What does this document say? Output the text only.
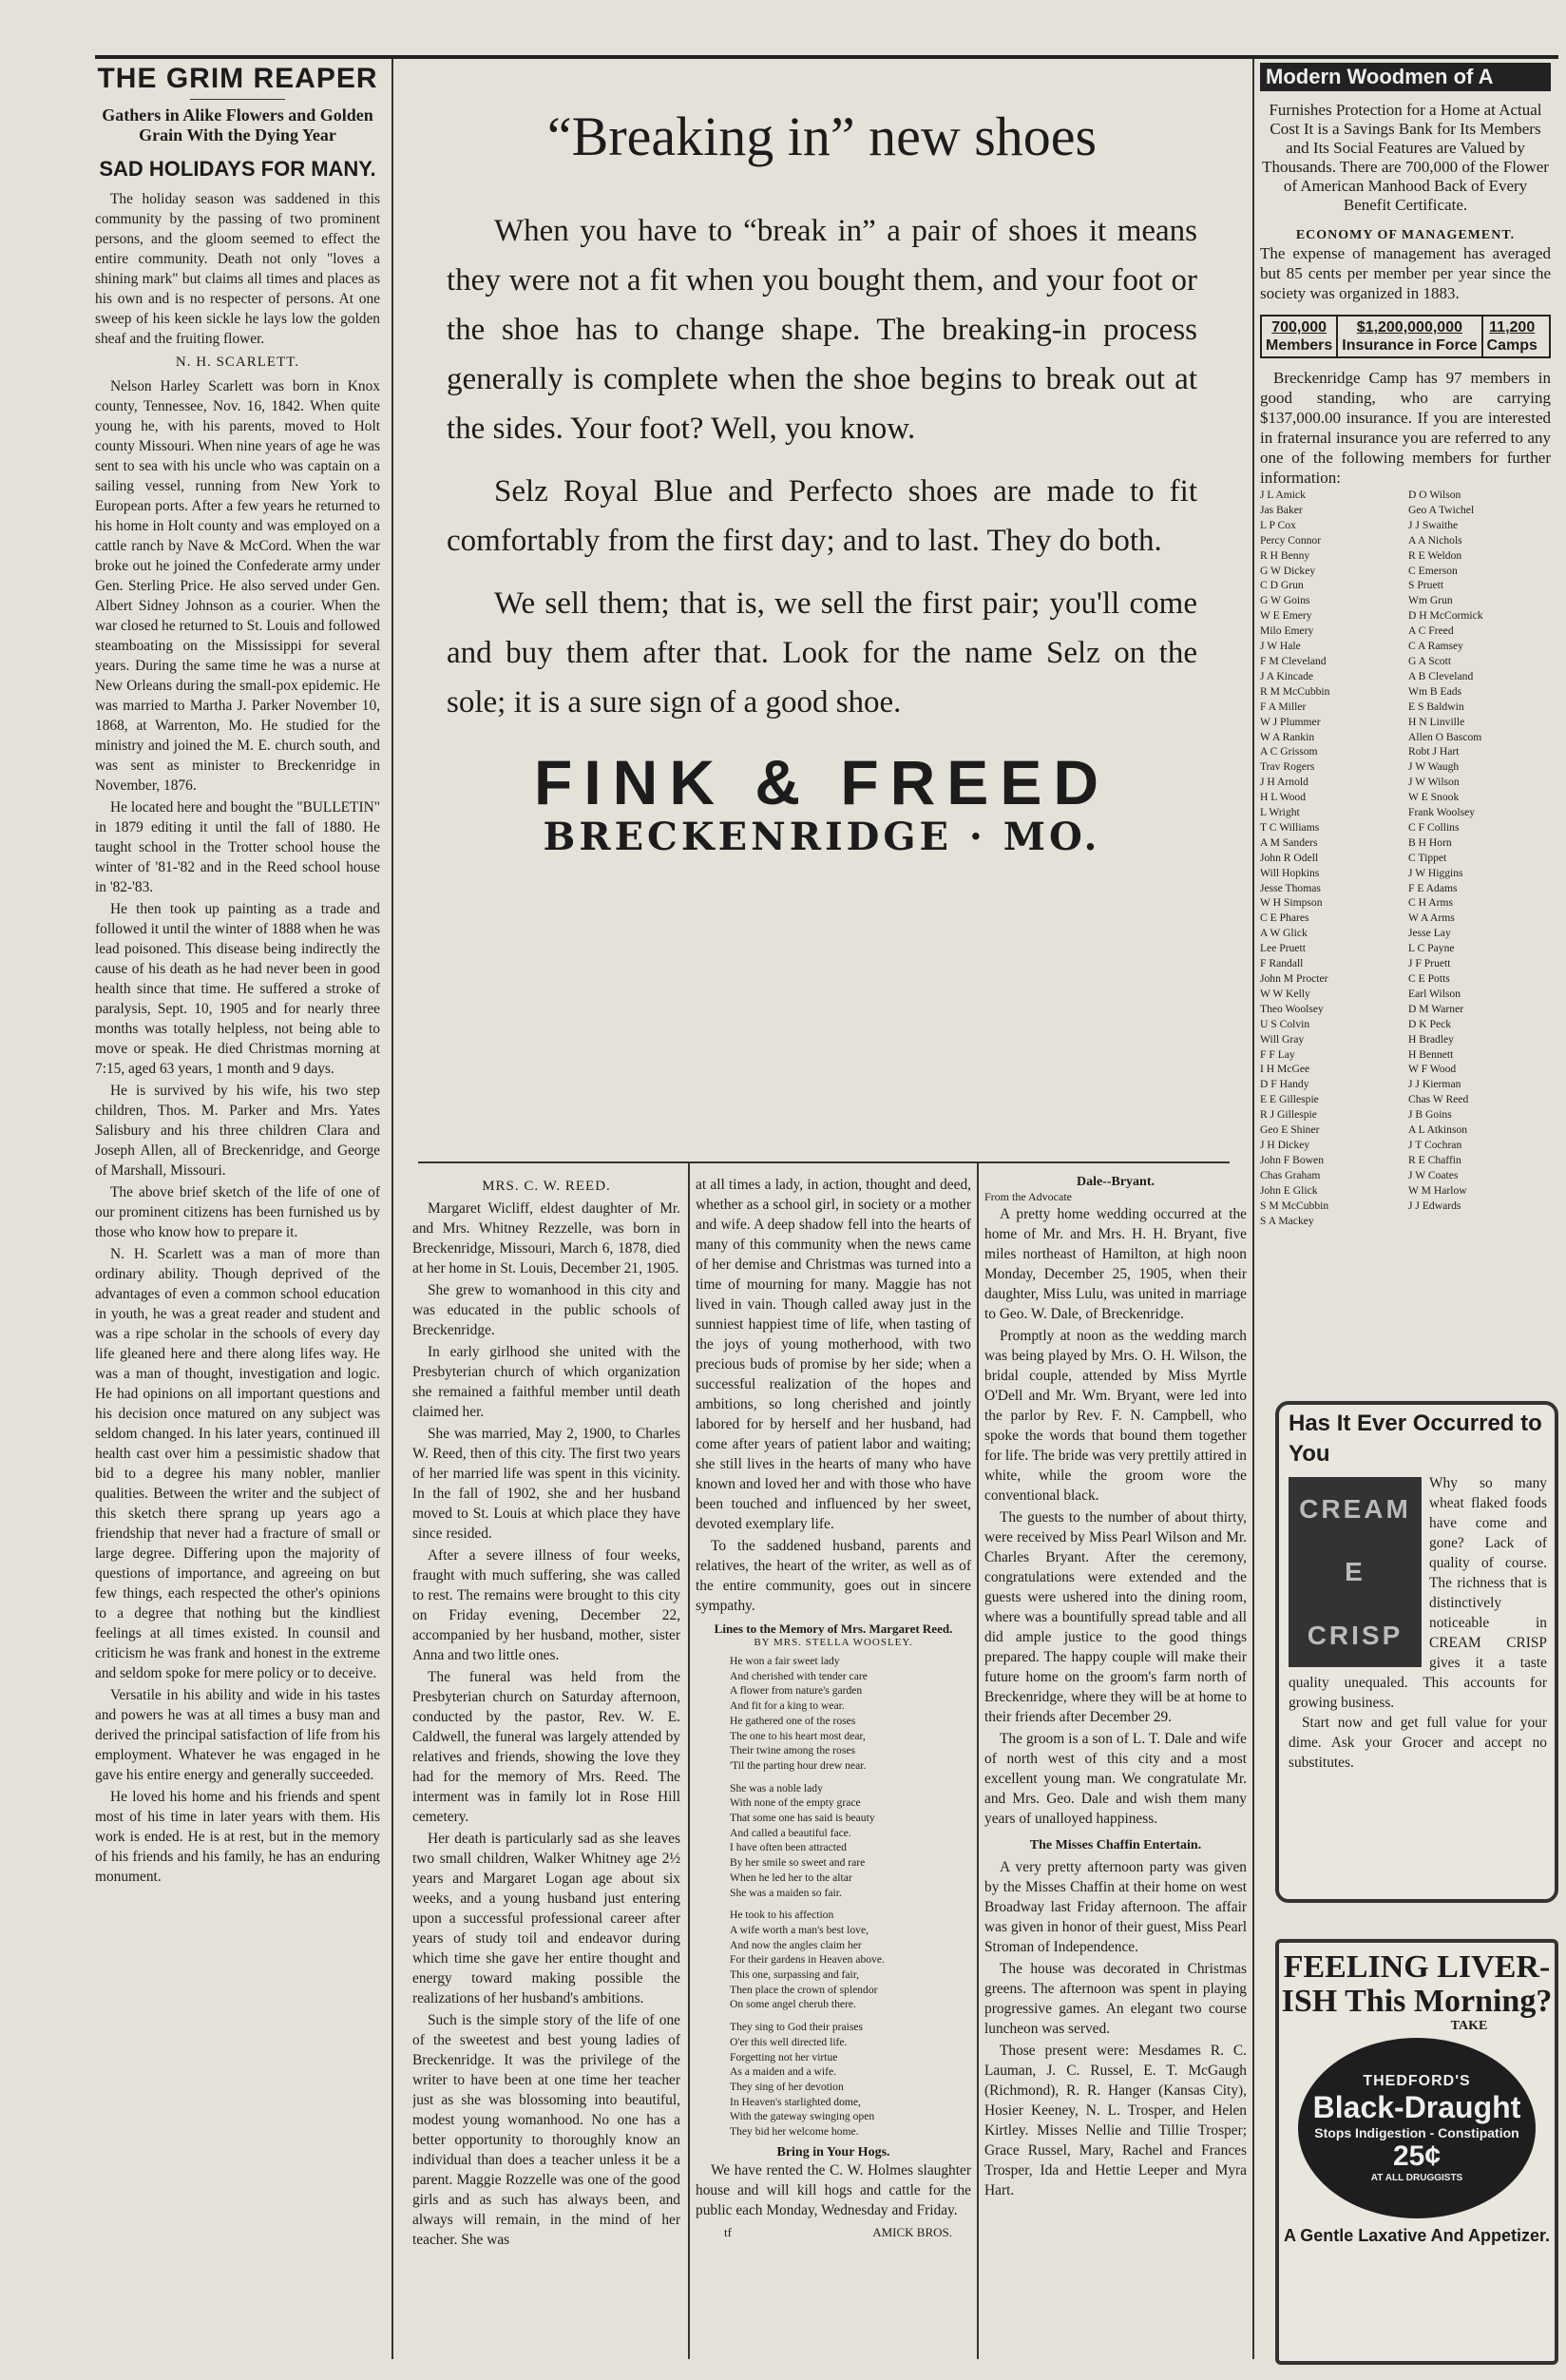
THE GRIM REAPER
Gathers in Alike Flowers and Golden Grain With the Dying Year
SAD HOLIDAYS FOR MANY.

The holiday season was saddened in this community by the passing of two prominent persons, and the gloom seemed to effect the entire community. Death not only "loves a shining mark" but claims all times and places as his own and is no respecter of persons. At one sweep of his keen sickle he lays low the golden sheaf and the fruiting flower.

N. H. SCARLETT.

Nelson Harley Scarlett was born in Knox county, Tennessee, Nov. 16, 1842. When quite young he, with his parents, moved to Holt county Missouri. When nine years of age he was sent to sea with his uncle who was captain on a sailing vessel, running from New York to European ports. After a few years he returned to his home in Holt county and was employed on a cattle ranch by Nave & McCord. When the war broke out he joined the Confederate army under Gen. Sterling Price. He also served under Gen. Albert Sidney Johnson as a courier. When the war closed he returned to St. Louis and followed steamboating on the Mississippi for several years. During the same time he was a nurse at New Orleans during the small-pox epidemic. He was married to Martha J. Parker November 10, 1868, at Warrenton, Mo. He studied for the ministry and joined the M. E. church south, and was sent as minister to Breckenridge in November, 1876.

He located here and bought the "BULLETIN" in 1879 editing it until the fall of 1880. He taught school in the Trotter school house the winter of '81-'82 and in the Reed school house in '82-'83.

He then took up painting as a trade and followed it until the winter of 1888 when he was lead poisoned. This disease being indirectly the cause of his death as he had never been in good health since that time. He suffered a stroke of paralysis, Sept. 10, 1905 and for nearly three months was totally helpless, not being able to move or speak. He died Christmas morning at 7:15, aged 63 years, 1 month and 9 days.

He is survived by his wife, his two step children, Thos. M. Parker and Mrs. Yates Salisbury and his three children Clara and Joseph Allen, all of Breckenridge, and George of Marshall, Missouri.

The above brief sketch of the life of one of our prominent citizens has been furnished us by those who know how to prepare it.

N. H. Scarlett was a man of more than ordinary ability. Though deprived of the advantages of even a common school education in youth, he was a great reader and student and was a ripe scholar in the schools of every day life gleaned here and there along lifes way. He was a man of thought, investigation and logic. He had opinions on all important questions and his decision once matured on any subject was seldom changed. In his later years, continued ill health cast over him a pessimistic shadow that bid to a degree his many nobler, manlier qualities. Between the writer and the subject of this sketch there sprang up years ago a friendship that never had a fracture of small or large degree. Differing upon the majority of questions of importance, and agreeing on but few things, each respected the other's opinions to a degree that nothing but the kindliest feelings at all times existed. In counsil and criticism he was frank and honest in the extreme and seldom spoke for mere policy or to deceive.

Versatile in his ability and wide in his tastes and powers he was at all times a busy man and derived the principal satisfaction of life from his employment. Whatever he was engaged in he gave his entire energy and generally succeeded.

He loved his home and his friends and spent most of his time in later years with them. His work is ended. He is at rest, but in the memory of his friends and his family, he has an enduring monument.

“Breaking in” new shoes

When you have to “break in” a pair of shoes it means they were not a fit when you bought them, and your foot or the shoe has to change shape. The breaking-in process generally is complete when the shoe begins to break out at the sides. Your foot? Well, you know.

Selz Royal Blue and Perfecto shoes are made to fit comfortably from the first day; and to last. They do both.

We sell them; that is, we sell the first pair; you'll come and buy them after that. Look for the name Selz on the sole; it is a sure sign of a good shoe.

FINK & FREED
BRECKENRIDGE · MO.
MRS. C. W. REED.

Margaret Wicliff, eldest daughter of Mr. and Mrs. Whitney Rezzelle, was born in Breckenridge, Missouri, March 6, 1878, died at her home in St. Louis, December 21, 1905.

She grew to womanhood in this city and was educated in the public schools of Breckenridge.

In early girlhood she united with the Presbyterian church of which organization she remained a faithful member until death claimed her.

She was married, May 2, 1900, to Charles W. Reed, then of this city. The first two years of her married life was spent in this vicinity. In the fall of 1902, she and her husband moved to St. Louis at which place they have since resided.

After a severe illness of four weeks, fraught with much suffering, she was called to rest. The remains were brought to this city on Friday evening, December 22, accompanied by her husband, mother, sister Anna and two little ones.

The funeral was held from the Presbyterian church on Saturday afternoon, conducted by the pastor, Rev. W. E. Caldwell, the funeral was largely attended by relatives and friends, showing the love they had for the memory of Mrs. Reed. The interment was in family lot in Rose Hill cemetery.

Her death is particularly sad as she leaves two small children, Walker Whitney age 2½ years and Margaret Logan age about six weeks, and a young husband just entering upon a successful professional career after years of study toil and endeavor during which time she gave her entire thought and energy toward making possible the realizations of her husband's ambitions.

Such is the simple story of the life of one of the sweetest and best young ladies of Breckenridge. It was the privilege of the writer to have been at one time her teacher just as she was blossoming into beautiful, modest young womanhood. No one has a better opportunity to thoroughly know an individual than does a teacher unless it be a parent. Maggie Rozzelle was one of the good girls and as such has always been, and always will remain, in the mind of her teacher. She was

at all times a lady, in action, thought and deed, whether as a school girl, in society or a mother and wife. A deep shadow fell into the hearts of many of this community when the news came of her demise and Christmas was turned into a time of mourning for many. Maggie has not lived in vain. Though called away just in the sunniest happiest time of life, when tasting of the joys of young motherhood, with two precious buds of promise by her side; when a successful realization of the hopes and ambitions, so long cherished and jointly labored for by herself and her husband, had come after years of patient labor and waiting; she still lives in the hearts of many who have known and loved her and with those who have been touched and influenced by her sweet, devoted exemplary life.

To the saddened husband, parents and relatives, the heart of the writer, as well as of the entire community, goes out in sincere sympathy.

Lines to the Memory of Mrs. Margaret Reed.
BY MRS. STELLA WOOSLEY.
He won a fair sweet lady
And cherished with tender care
A flower from nature's garden
And fit for a king to wear.
He gathered one of the roses
The one to his heart most dear,
Their twine among the roses
'Til the parting hour drew near.
She was a noble lady
With none of the empty grace
That some one has said is beauty
And called a beautiful face.
I have often been attracted
By her smile so sweet and rare
When he led her to the altar
She was a maiden so fair.
He took to his affection
A wife worth a man's best love,
And now the angles claim her
For their gardens in Heaven above.
This one, surpassing and fair,
Then place the crown of splendor
On some angel cherub there.
They sing to God their praises
O'er this well directed life.
Forgetting not her virtue
As a maiden and a wife.
They sing of her devotion
In Heaven's starlighted dome,
With the gateway swinging open
They bid her welcome home.
Bring in Your Hogs.

We have rented the C. W. Holmes slaughter house and will kill hogs and cattle for the public each Monday, Wednesday and Friday.

tf	AMICK BROS.
Dale--Bryant.
From the Advocate

A pretty home wedding occurred at the home of Mr. and Mrs. H. H. Bryant, five miles northeast of Hamilton, at high noon Monday, December 25, 1905, when their daughter, Miss Lulu, was united in marriage to Geo. W. Dale, of Breckenridge.

Promptly at noon as the wedding march was being played by Mrs. O. H. Wilson, the bridal couple, attended by Miss Myrtle O'Dell and Mr. Wm. Bryant, were led into the parlor by Rev. F. N. Campbell, who spoke the words that bound them together for life. The bride was very prettily attired in white, while the groom wore the conventional black.

The guests to the number of about thirty, were received by Miss Pearl Wilson and Mr. Charles Bryant. After the ceremony, congratulations were extended and the guests were ushered into the dining room, where was a bountifully spread table and all did ample justice to the good things prepared. The happy couple will make their future home on the groom's farm north of Breckenridge, where they will be at home to their friends after December 29.

The groom is a son of L. T. Dale and wife of north west of this city and a most excellent young man. We congratulate Mr. and Mrs. Geo. Dale and wish them many years of unalloyed happiness.

The Misses Chaffin Entertain.

A very pretty afternoon party was given by the Misses Chaffin at their home on west Broadway last Friday afternoon. The affair was given in honor of their guest, Miss Pearl Stroman of Independence.

The house was decorated in Christmas greens. The afternoon was spent in playing progressive games. An elegant two course luncheon was served.

Those present were: Mesdames R. C. Lauman, J. C. Russel, E. T. McGaugh (Richmond), R. R. Hanger (Kansas City), Hosier Keeney, N. L. Trosper, and Helen Kirtley. Misses Nellie and Tillie Trosper; Grace Russel, Mary, Rachel and Frances Trosper, Ida and Hettie Leeper and Myra Hart.

Modern Woodmen of A
Furnishes Protection for a Home at Actual Cost It is a Savings Bank for Its Members and Its Social Features are Valued by Thousands. There are 700,000 of the Flower of American Manhood Back of Every Benefit Certificate.
ECONOMY OF MANAGEMENT.
The expense of management has averaged but 85 cents per member per year since the society was organized in 1883.
700,000
Members
$1,200,000,000
Insurance in Force
11,200
Camps
Breckenridge Camp has 97 members in good standing, who are carrying $137,000.00 insurance. If you are interested in fraternal insurance you are referred to any one of the following members for further information:
J L Amick
Jas Baker
L P Cox
Percy Connor
R H Benny
G W Dickey
C D Grun
G W Goins
W E Emery
Milo Emery
J W Hale
F M Cleveland
J A Kincade
R M McCubbin
F A Miller
W J Plummer
W A Rankin
A C Grissom
Trav Rogers
J H Arnold
H L Wood
L Wright
T C Williams
A M Sanders
John R Odell
Will Hopkins
Jesse Thomas
W H Simpson
C E Phares
A W Glick
Lee Pruett
F Randall
John M Procter
W W Kelly
Theo Woolsey
U S Colvin
Will Gray
F F Lay
I H McGee
D F Handy
E E Gillespie
R J Gillespie
Geo E Shiner
J H Dickey
John F Bowen
Chas Graham
John E Glick
S M McCubbin
S A Mackey
D O Wilson
Geo A Twichel
J J Swaithe
A A Nichols
R E Weldon
C Emerson
S Pruett
Wm Grun
D H McCormick
A C Freed
C A Ramsey
G A Scott
A B Cleveland
Wm B Eads
E S Baldwin
H N Linville
Allen O Bascom
Robt J Hart
J W Waugh
J W Wilson
W E Snook
Frank Woolsey
C F Collins
B H Horn
C Tippet
J W Higgins
F E Adams
C H Arms
W A Arms
Jesse Lay
L C Payne
J F Pruett
C E Potts
Earl Wilson
D M Warner
D K Peck
H Bradley
H Bennett
W F Wood
J J Kierman
Chas W Reed
J B Goins
A L Atkinson
J T Cochran
R E Chaffin
J W Coates
W M Harlow
J J Edwards
Has It Ever Occurred to You
CREAM
E
CRISP

Why so many wheat flaked foods have come and gone? Lack of quality of course. The richness that is distinctively noticeable in CREAM CRISP gives it a taste quality unequaled. This accounts for growing business.

Start now and get full value for your dime. Ask your Grocer and accept no substitutes.

FEELING LIVER-ISH This Morning?
TAKE
THEDFORD'S
Black-Draught
Stops Indigestion - Constipation
25¢
AT ALL DRUGGISTS
A Gentle Laxative And Appetizer.
